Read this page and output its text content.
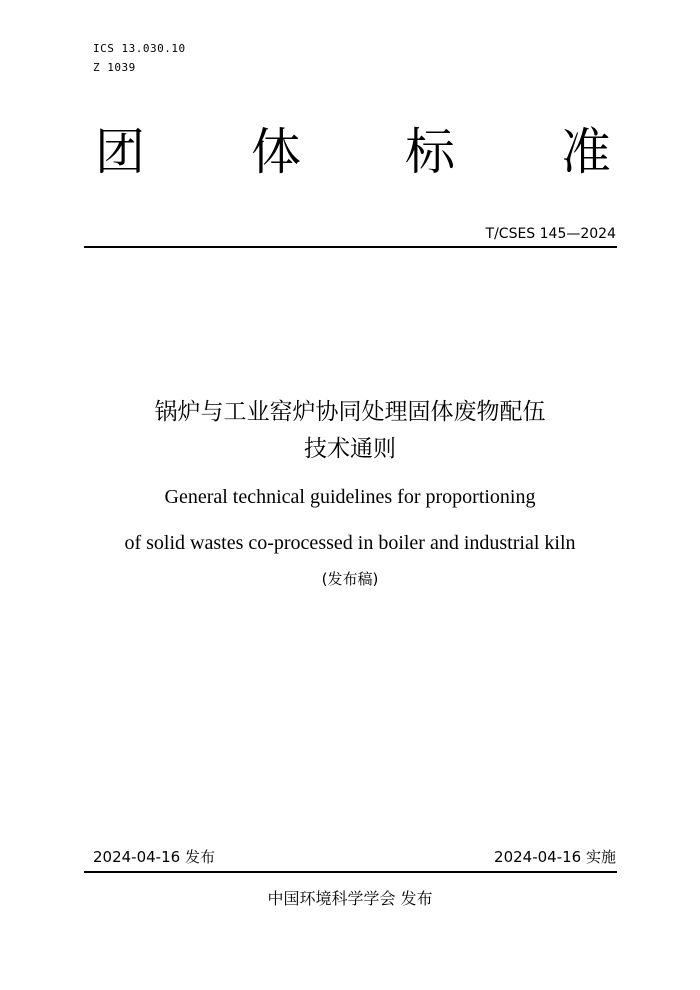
ICS 13.030.10
Z 1039
团 体 标 准
T/CSES 145—2024
锅炉与工业窑炉协同处理固体废物配伍
技术通则
General technical guidelines for proportioning
of solid wastes co-processed in boiler and industrial kiln
(发布稿)
2024-04-16 发布	2024-04-16 实施
中国环境科学学会 发布
